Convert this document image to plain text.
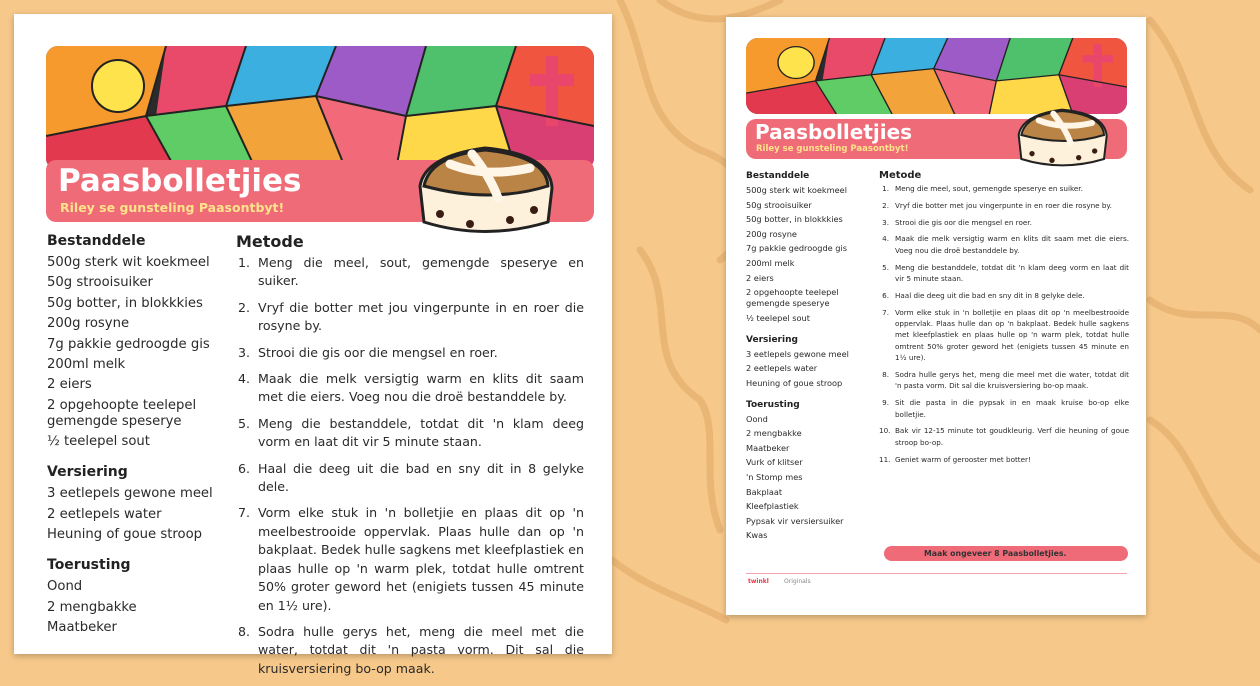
Paasbolletjies
Riley se gunsteling Paasontbyt!
Bestanddele
500g sterk wit koekmeel
50g strooisuiker
50g botter, in blokkkies
200g rosyne
7g pakkie gedroogde gis
200ml melk
2 eiers
2 opgehoopte teelepel gemengde speserye
½ teelepel sout
Versiering
3 eetlepels gewone meel
2 eetlepels water
Heuning of goue stroop
Toerusting
Oond
2 mengbakke
Maatbeker
Metode
1. Meng die meel, sout, gemengde speserye en suiker.
2. Vryf die botter met jou vingerpunte in en roer die rosyne by.
3. Strooi die gis oor die mengsel en roer.
4. Maak die melk versigtig warm en klits dit saam met die eiers. Voeg nou die droë bestanddele by.
5. Meng die bestanddele, totdat dit 'n klam deeg vorm en laat dit vir 5 minute staan.
6. Haal die deeg uit die bad en sny dit in 8 gelyke dele.
7. Vorm elke stuk in 'n bolletjie en plaas dit op 'n meelbestrooide oppervlak. Plaas hulle dan op 'n bakplaat. Bedek hulle sagkens met kleefplastiek en plaas hulle op 'n warm plek, totdat hulle omtrent 50% groter geword het (enigiets tussen 45 minute en 1½ ure).
8. Sodra hulle gerys het, meng die meel met die water, totdat dit 'n pasta vorm. Dit sal die kruisversiering bo-op maak.
Paasbolletjies
Riley se gunsteling Paasontbyt!
Bestanddele
500g sterk wit koekmeel
50g strooisuiker
50g botter, in blokkkies
200g rosyne
7g pakkie gedroogde gis
200ml melk
2 eiers
2 opgehoopte teelepel gemengde speserye
½ teelepel sout
Versiering
3 eetlepels gewone meel
2 eetlepels water
Heuning of goue stroop
Toerusting
Oond
2 mengbakke
Maatbeker
Vurk of klitser
'n Stomp mes
Bakplaat
Kleefplastiek
Pypsak vir versiersuiker
Kwas
Metode
1. Meng die meel, sout, gemengde speserye en suiker.
2. Vryf die botter met jou vingerpunte in en roer die rosyne by.
3. Strooi die gis oor die mengsel en roer.
4. Maak die melk versigtig warm en klits dit saam met die eiers. Voeg nou die droë bestanddele by.
5. Meng die bestanddele, totdat dit 'n klam deeg vorm en laat dit vir 5 minute staan.
6. Haal die deeg uit die bad en sny dit in 8 gelyke dele.
7. Vorm elke stuk in 'n bolletjie en plaas dit op 'n meelbestrooide oppervlak. Plaas hulle dan op 'n bakplaat. Bedek hulle sagkens met kleefplastiek en plaas hulle op 'n warm plek, totdat hulle omtrent 50% groter geword het (enigiets tussen 45 minute en 1½ ure).
8. Sodra hulle gerys het, meng die meel met die water, totdat dit 'n pasta vorm. Dit sal die kruisversiering bo-op maak.
9. Sit die pasta in die pypsak in en maak kruise bo-op elke bolletjie.
10. Bak vir 12-15 minute tot goudkleurig. Verf die heuning of goue stroop bo-op.
11. Geniet warm of gerooster met botter!
Maak ongeveer 8 Paasbolletjies.
twinkl	Originals
